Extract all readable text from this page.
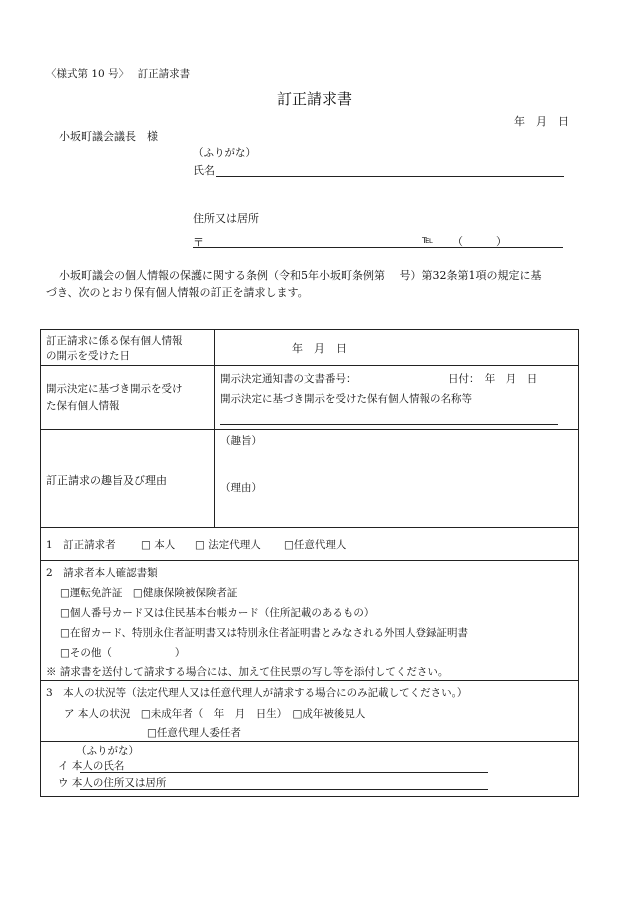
〈様式第 10 号〉　 訂正請求書
訂正請求書
年　月　日
小坂町議会議長　様
（ふりがな）
氏名
住所又は居所
〒	℡ （　　　）
小坂町議会の個人情報の保護に関する条例（令和5年小坂町条例第　 号）第32条第1項の規定に基
づき、次のとおり保有個人情報の訂正を請求します。
訂正請求に係る保有個人情報
の開示を受けた日
年　月　日
開示決定に基づき開示を受け
た保有個人情報
開示決定通知書の文書番号：	日付：　年　月　日
開示決定に基づき開示を受けた保有個人情報の名称等
訂正請求の趣旨及び理由
（趣旨）
（理由）
1　訂正請求者 □ 本人 □ 法定代理人 □任意代理人
2　請求者本人確認書類
□運転免許証　□健康保険被保険者証
□個人番号カード又は住民基本台帳カード（住所記載のあるもの）
□在留カード、特別永住者証明書又は特別永住者証明書とみなされる外国人登録証明書
□その他（　　　　　　）
※ 請求書を送付して請求する場合には、加えて住民票の写し等を添付してください。
3　本人の状況等（法定代理人又は任意代理人が請求する場合にのみ記載してください。）
ア 本人の状況　□未成年者（　年　月　日生）　□成年被後見人
□任意代理人委任者
（ふりがな）
イ 本人の氏名
ウ 本人の住所又は居所
